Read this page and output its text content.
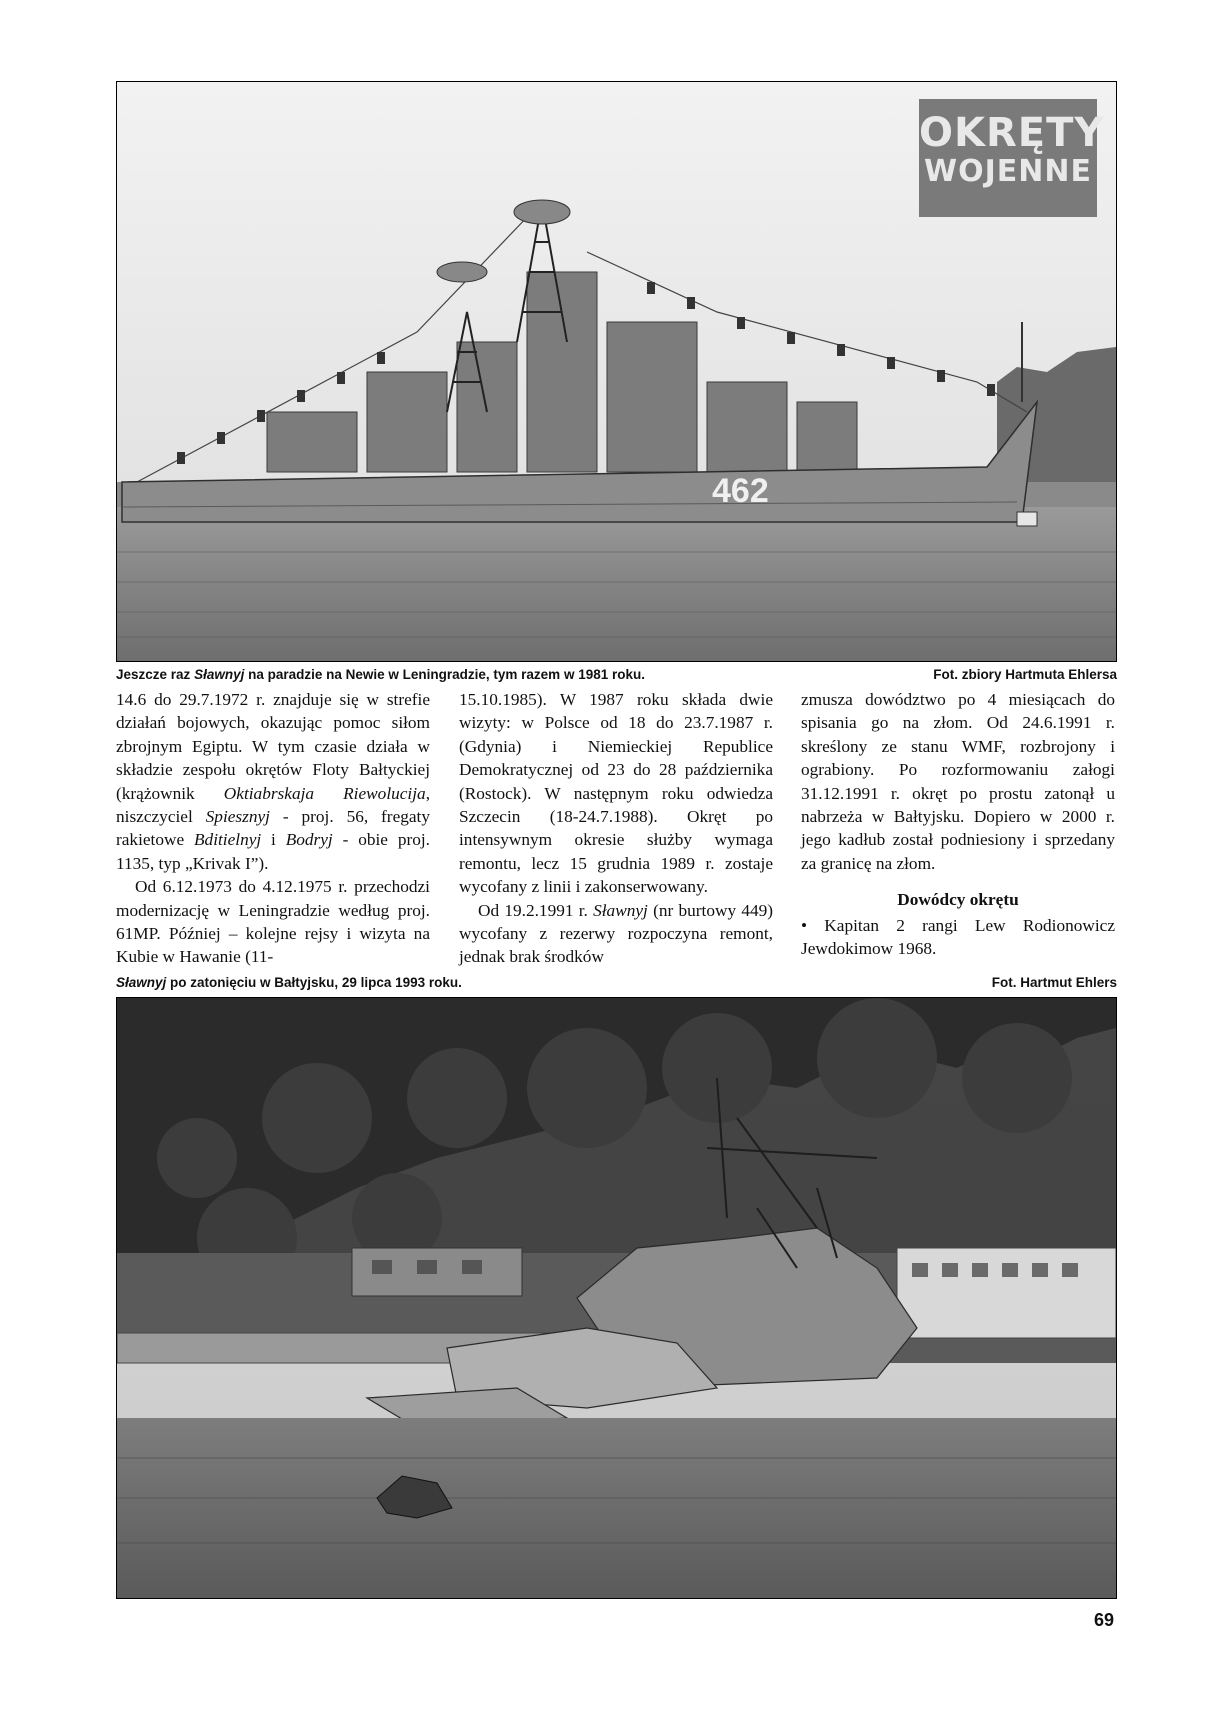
462
OKRĘTY
WOJENNE
Jeszcze raz Sławnyj na paradzie na Newie w Leningradzie, tym razem w 1981 roku.	Fot. zbiory Hartmuta Ehlersa

14.6 do 29.7.1972 r. znajduje się w strefie działań bojowych, okazując pomoc siłom zbrojnym Egiptu. W tym czasie działa w składzie zespołu okrętów Floty Bałtyckiej (krążownik Oktiabrskaja Riewolucija, niszczyciel Spiesznyj - proj. 56, fregaty rakietowe Bditielnyj i Bodryj - obie proj. 1135, typ „Krivak I”).

Od 6.12.1973 do 4.12.1975 r. przechodzi modernizację w Leningradzie według proj. 61MP. Później – kolejne rejsy i wizyta na Kubie w Hawanie (11-

15.10.1985). W 1987 roku składa dwie wizyty: w Polsce od 18 do 23.7.1987 r. (Gdynia) i Niemieckiej Republice Demokratycznej od 23 do 28 października (Rostock). W następnym roku odwiedza Szczecin (18-24.7.1988). Okręt po intensywnym okresie służby wymaga remontu, lecz 15 grudnia 1989 r. zostaje wycofany z linii i zakonserwowany.

Od 19.2.1991 r. Sławnyj (nr burtowy 449) wycofany z rezerwy rozpoczyna remont, jednak brak środków

zmusza dowództwo po 4 miesiącach do spisania go na złom. Od 24.6.1991 r. skreślony ze stanu WMF, rozbrojony i ograbiony. Po rozformowaniu załogi 31.12.1991 r. okręt po prostu zatonął u nabrzeża w Bałtyjsku. Dopiero w 2000 r. jego kadłub został podniesiony i sprzedany za granicę na złom.

Dowódcy okrętu

• Kapitan 2 rangi Lew Rodionowicz Jewdokimow 1968.

Sławnyj po zatonięciu w Bałtyjsku, 29 lipca 1993 roku.	Fot. Hartmut Ehlers
69
